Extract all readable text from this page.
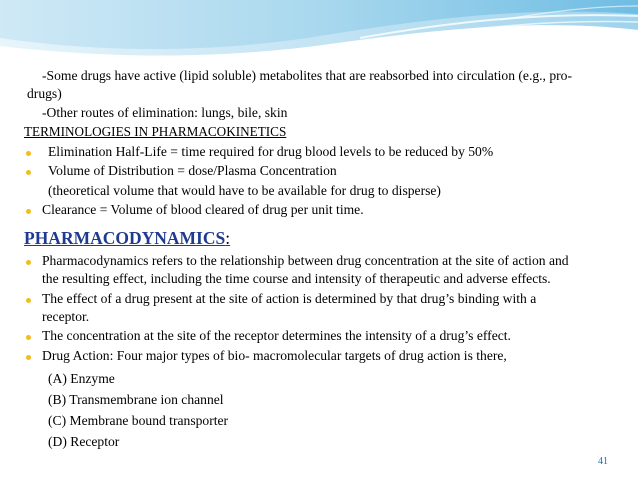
-Some drugs have active (lipid soluble) metabolites that are reabsorbed into circulation (e.g., pro-
drugs)
-Other routes of elimination: lungs, bile, skin
TERMINOLOGIES IN PHARMACOKINETICS
Elimination Half-Life = time required for drug blood levels to be reduced by 50%
Volume of Distribution = dose/Plasma Concentration
(theoretical volume that would have to be available for drug to disperse)
Clearance = Volume of blood cleared of drug per unit time.
PHARMACODYNAMICS:
Pharmacodynamics refers to the relationship between drug concentration at the site of action and
the resulting effect, including the time course and intensity of therapeutic and adverse effects.
The effect of a drug present at the site of action is determined by that drug’s binding with a
receptor.
The concentration at the site of the receptor determines the intensity of a drug’s effect.
Drug Action: Four major types of bio- macromolecular targets of drug action is there,
(A) Enzyme
(B) Transmembrane ion channel
(C) Membrane bound transporter
(D) Receptor
41
